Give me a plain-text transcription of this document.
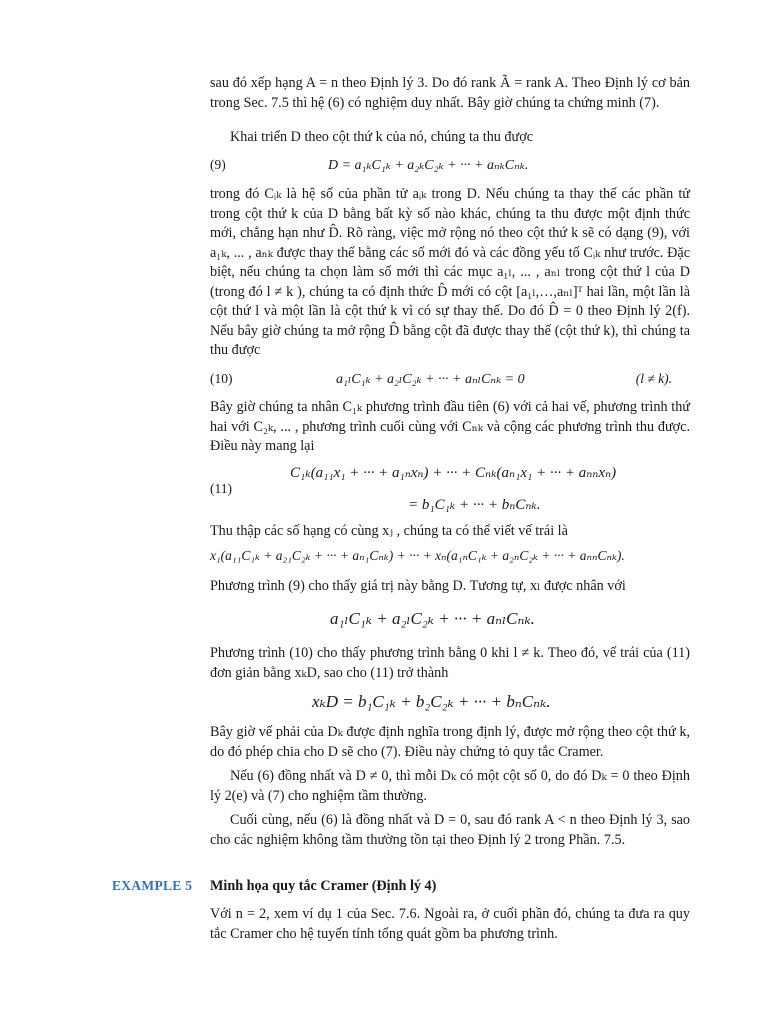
sau đó xếp hạng A = n theo Định lý 3. Do đó rank Ã = rank A. Theo Định lý cơ bản trong Sec. 7.5 thì hệ (6) có nghiệm duy nhất. Bây giờ chúng ta chứng minh (7).
Khai triển D theo cột thứ k của nó, chúng ta thu được
(9)	D = a₁ₖC₁ₖ + a₂ₖC₂ₖ + ··· + aₙₖCₙₖ.
trong đó Cᵢₖ là hệ số của phần tử aᵢₖ trong D. Nếu chúng ta thay thế các phần tử trong cột thứ k của D bằng bất kỳ số nào khác, chúng ta thu được một định thức mới, chẳng hạn như D̂. Rõ ràng, việc mở rộng nó theo cột thứ k sẽ có dạng (9), với a₁ₖ, ... , aₙₖ được thay thế bằng các số mới đó và các đồng yếu tố Cᵢₖ như trước. Đặc biệt, nếu chúng ta chọn làm số mới thì các mục a₁ₗ, ... , aₙₗ trong cột thứ l của D (trong đó l ≠ k ), chúng ta có định thức D̂ mới có cột [a₁ₗ,…,aₙₗ]ᵀ hai lần, một lần là cột thứ l và một lần là cột thứ k vì có sự thay thế. Do đó D̂ = 0 theo Định lý 2(f). Nếu bây giờ chúng ta mở rộng D̂ bằng cột đã được thay thế (cột thứ k), thì chúng ta thu được
(10)	a₁ₗC₁ₖ + a₂ₗC₂ₖ + ··· + aₙₗCₙₖ = 0	(l ≠ k).
Bây giờ chúng ta nhân C₁ₖ phương trình đầu tiên (6) với cả hai vế, phương trình thứ hai với C₂ₖ, ... , phương trình cuối cùng với Cₙₖ và cộng các phương trình thu được. Điều này mang lại
(11)
C₁ₖ(a₁₁x₁ + ··· + a₁ₙxₙ) + ··· + Cₙₖ(aₙ₁x₁ + ··· + aₙₙxₙ)
= b₁C₁ₖ + ··· + bₙCₙₖ.
Thu thập các số hạng có cùng xⱼ , chúng ta có thể viết vế trái là
x₁(a₁₁C₁ₖ + a₂₁C₂ₖ + ··· + aₙ₁Cₙₖ) + ··· + xₙ(a₁ₙC₁ₖ + a₂ₙC₂ₖ + ··· + aₙₙCₙₖ).
Phương trình (9) cho thấy giá trị này bằng D. Tương tự, xₗ được nhân với
a₁ₗC₁ₖ + a₂ₗC₂ₖ + ··· + aₙₗCₙₖ.
Phương trình (10) cho thấy phương trình bằng 0 khi l ≠ k. Theo đó, vế trái của (11) đơn giản bằng xₖD, sao cho (11) trở thành
xₖD = b₁C₁ₖ + b₂C₂ₖ + ··· + bₙCₙₖ.
Bây giờ vế phải của Dₖ được định nghĩa trong định lý, được mở rộng theo cột thứ k, do đó phép chia cho D sẽ cho (7). Điều này chứng tỏ quy tắc Cramer.
Nếu (6) đồng nhất và D ≠ 0, thì mỗi Dₖ có một cột số 0, do đó Dₖ = 0 theo Định lý 2(e) và (7) cho nghiệm tầm thường.
Cuối cùng, nếu (6) là đồng nhất và D = 0, sau đó rank A < n theo Định lý 3, sao cho các nghiệm không tầm thường tồn tại theo Định lý 2 trong Phần. 7.5.
EXAMPLE 5 Minh họa quy tắc Cramer (Định lý 4)
Với n = 2, xem ví dụ 1 của Sec. 7.6. Ngoài ra, ở cuối phần đó, chúng ta đưa ra quy tắc Cramer cho hệ tuyến tính tổng quát gồm ba phương trình.
